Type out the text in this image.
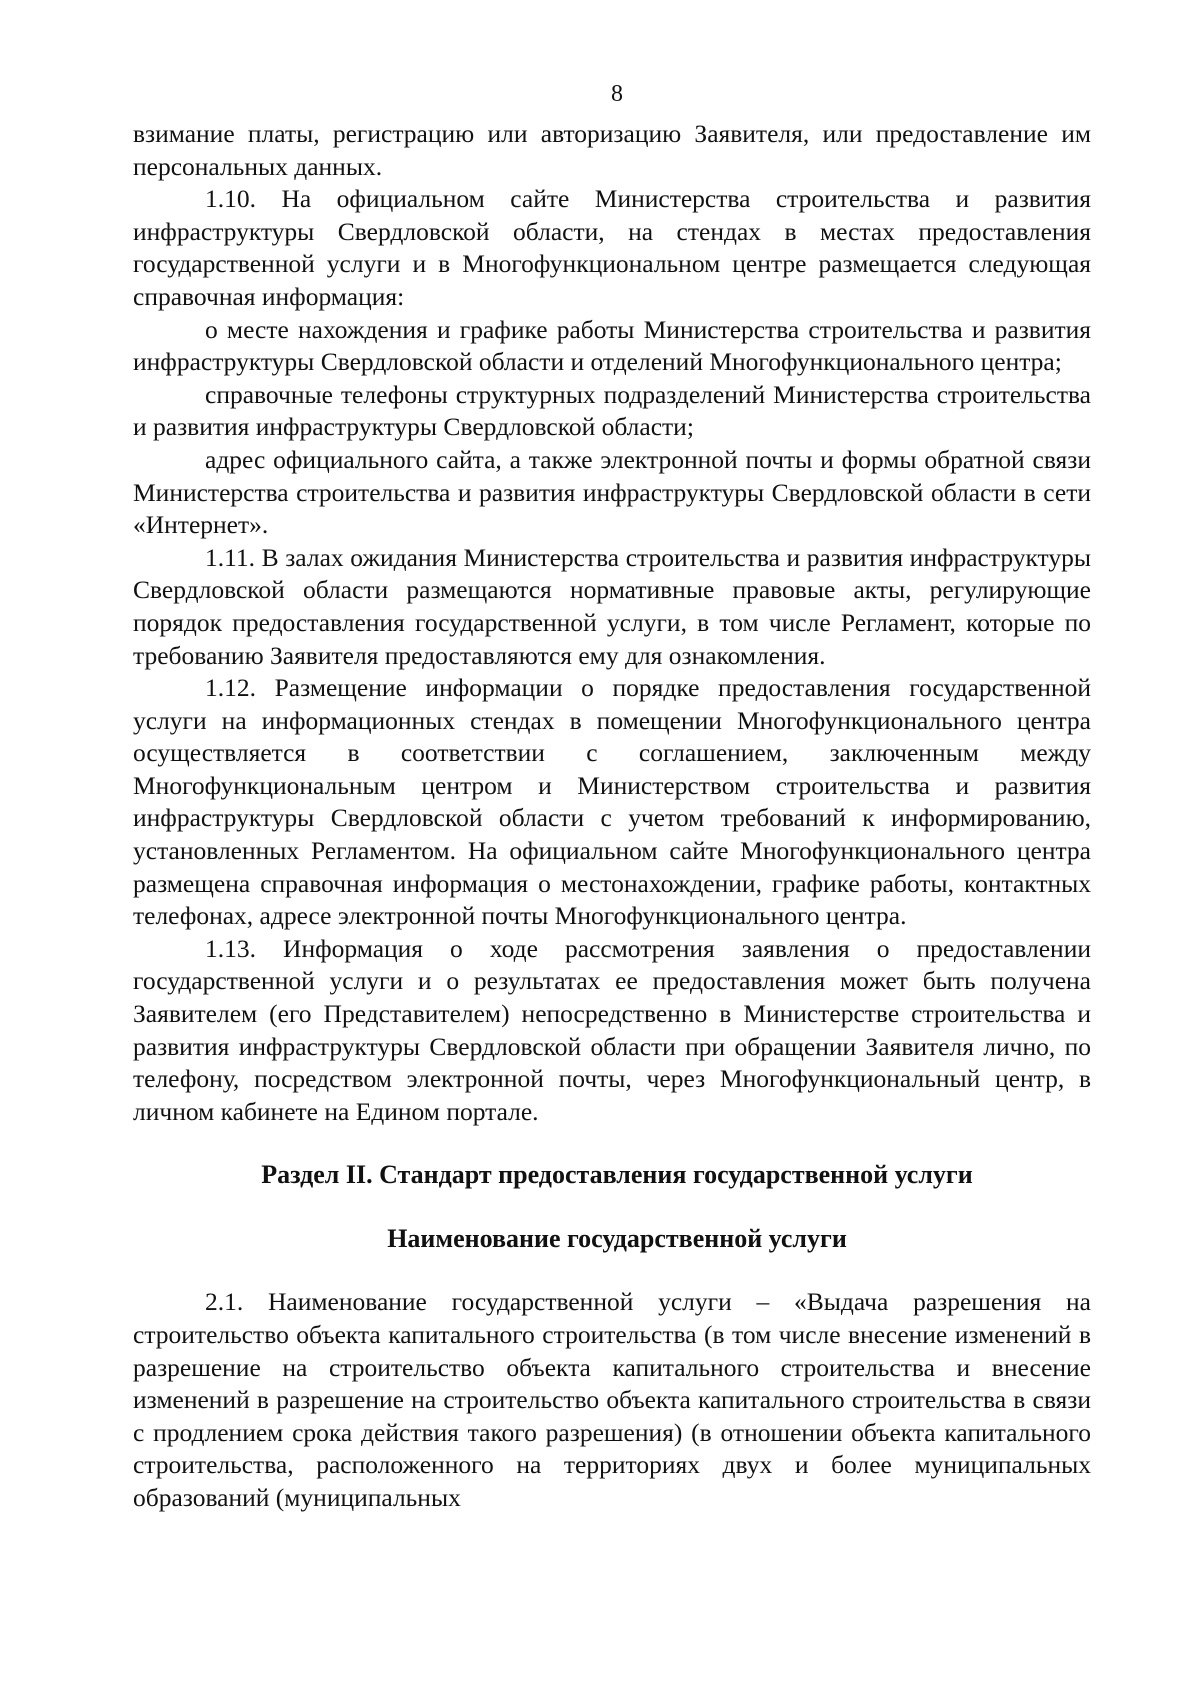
8

взимание платы, регистрацию или авторизацию Заявителя, или предоставление им персональных данных.

1.10. На официальном сайте Министерства строительства и развития инфраструктуры Свердловской области, на стендах в местах предоставления государственной услуги и в Многофункциональном центре размещается следующая справочная информация:

о месте нахождения и графике работы Министерства строительства и развития инфраструктуры Свердловской области и отделений Многофункционального центра;

справочные телефоны структурных подразделений Министерства строительства и развития инфраструктуры Свердловской области;

адрес официального сайта, а также электронной почты и формы обратной связи Министерства строительства и развития инфраструктуры Свердловской области в сети «Интернет».

1.11. В залах ожидания Министерства строительства и развития инфраструктуры Свердловской области размещаются нормативные правовые акты, регулирующие порядок предоставления государственной услуги, в том числе Регламент, которые по требованию Заявителя предоставляются ему для ознакомления.

1.12. Размещение информации о порядке предоставления государственной услуги на информационных стендах в помещении Многофункционального центра осуществляется в соответствии с соглашением, заключенным между Многофункциональным центром и Министерством строительства и развития инфраструктуры Свердловской области с учетом требований к информированию, установленных Регламентом. На официальном сайте Многофункционального центра размещена справочная информация о местонахождении, графике работы, контактных телефонах, адресе электронной почты Многофункционального центра.

1.13. Информация о ходе рассмотрения заявления о предоставлении государственной услуги и о результатах ее предоставления может быть получена Заявителем (его Представителем) непосредственно в Министерстве строительства и развития инфраструктуры Свердловской области при обращении Заявителя лично, по телефону, посредством электронной почты, через Многофункциональный центр, в личном кабинете на Едином портале.

Раздел II. Стандарт предоставления государственной услуги

Наименование государственной услуги

2.1. Наименование государственной услуги – «Выдача разрешения на строительство объекта капитального строительства (в том числе внесение изменений в разрешение на строительство объекта капитального строительства и внесение изменений в разрешение на строительство объекта капитального строительства в связи с продлением срока действия такого разрешения) (в отношении объекта капитального строительства, расположенного на территориях двух и более муниципальных образований (муниципальных
